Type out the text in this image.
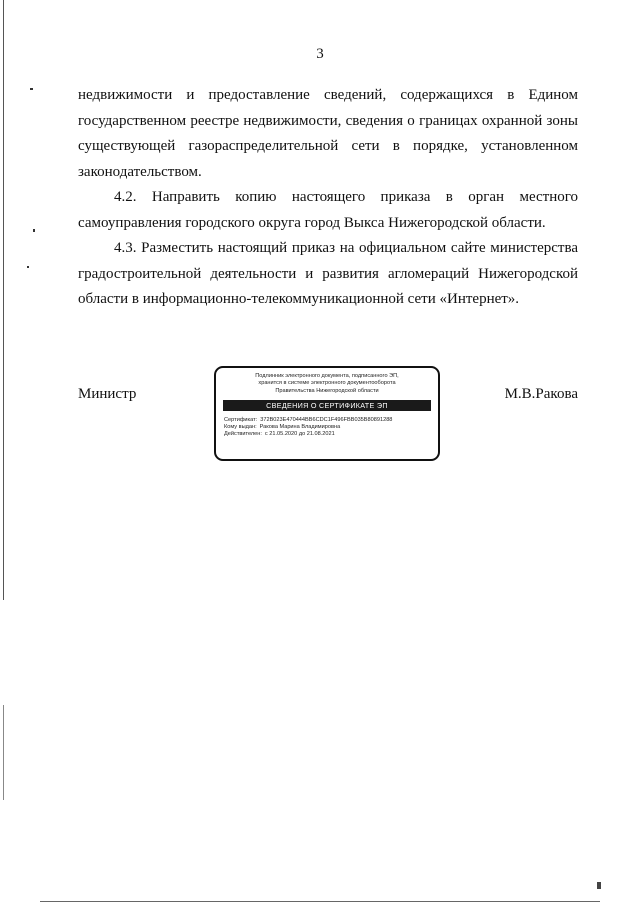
3

недвижимости и предоставление сведений, содержащихся в Едином
государственном реестре недвижимости, сведения о границах охранной зоны
существующей газораспределительной сети в порядке, установленном
законодательством.

4.2. Направить копию настоящего приказа в орган местного
самоуправления городского округа город Выкса Нижегородской области.

4.3. Разместить настоящий приказ на официальном сайте министерства
градостроительной деятельности и развития агломераций Нижегородской
области в информационно-телекоммуникационной сети «Интернет».

Министр
Подлинник электронного документа, подписанного ЭП,
хранится в системе электронного документооборота
Правительства Нижегородской области
СВЕДЕНИЯ О СЕРТИФИКАТЕ ЭП
Сертификат: 372B023E470444BB6CDC1F496FBB035B80891288
Кому выдан: Ракова Марина Владимировна
Действителен: с 21.05.2020 до 21.08.2021
М.В.Ракова
